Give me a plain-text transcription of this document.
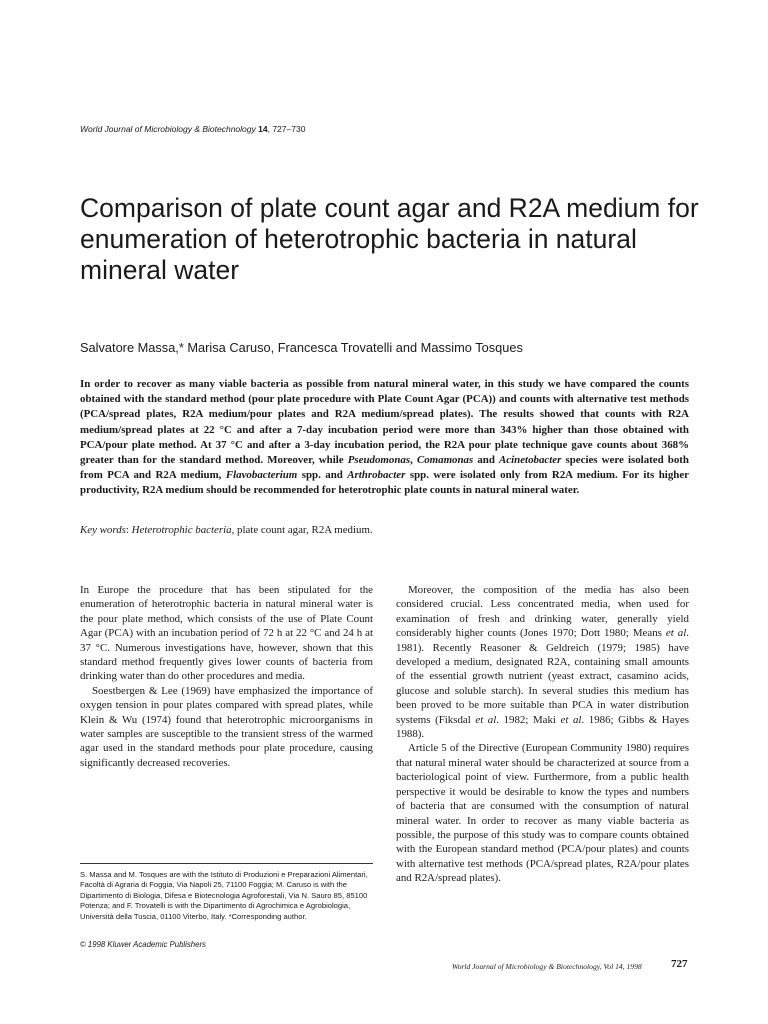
World Journal of Microbiology & Biotechnology 14, 727–730
Comparison of plate count agar and R2A medium for enumeration of heterotrophic bacteria in natural mineral water
Salvatore Massa,* Marisa Caruso, Francesca Trovatelli and Massimo Tosques

In order to recover as many viable bacteria as possible from natural mineral water, in this study we have compared the counts obtained with the standard method (pour plate procedure with Plate Count Agar (PCA)) and counts with alternative test methods (PCA/spread plates, R2A medium/pour plates and R2A medium/spread plates). The results showed that counts with R2A medium/spread plates at 22 °C and after a 7-day incubation period were more than 343% higher than those obtained with PCA/pour plate method. At 37 °C and after a 3-day incubation period, the R2A pour plate technique gave counts about 368% greater than for the standard method. Moreover, while Pseudomonas, Comamonas and Acinetobacter species were isolated both from PCA and R2A medium, Flavobacterium spp. and Arthrobacter spp. were isolated only from R2A medium. For its higher productivity, R2A medium should be recommended for heterotrophic plate counts in natural mineral water.

Key words: Heterotrophic bacteria, plate count agar, R2A medium.

In Europe the procedure that has been stipulated for the enumeration of heterotrophic bacteria in natural mineral water is the pour plate method, which consists of the use of Plate Count Agar (PCA) with an incubation period of 72 h at 22 °C and 24 h at 37 °C. Numerous investigations have, however, shown that this standard method frequently gives lower counts of bacteria from drinking water than do other procedures and media.

Soestbergen & Lee (1969) have emphasized the importance of oxygen tension in pour plates compared with spread plates, while Klein & Wu (1974) found that heterotrophic microorganisms in water samples are susceptible to the transient stress of the warmed agar used in the standard methods pour plate procedure, causing significantly decreased recoveries.

Moreover, the composition of the media has also been considered crucial. Less concentrated media, when used for examination of fresh and drinking water, generally yield considerably higher counts (Jones 1970; Dott 1980; Means et al. 1981). Recently Reasoner & Geldreich (1979; 1985) have developed a medium, designated R2A, containing small amounts of the essential growth nutrient (yeast extract, casamino acids, glucose and soluble starch). In several studies this medium has been proved to be more suitable than PCA in water distribution systems (Fiksdal et al. 1982; Maki et al. 1986; Gibbs & Hayes 1988).

Article 5 of the Directive (European Community 1980) requires that natural mineral water should be characterized at source from a bacteriological point of view. Furthermore, from a public health perspective it would be desirable to know the types and numbers of bacteria that are consumed with the consumption of natural mineral water. In order to recover as many viable bacteria as possible, the purpose of this study was to compare counts obtained with the European standard method (PCA/pour plates) and counts with alternative test methods (PCA/spread plates, R2A/pour plates and R2A/spread plates).

S. Massa and M. Tosques are with the Istituto di Produzioni e Preparazioni Alimentari, Facoltà di Agraria di Foggia, Via Napoli 25, 71100 Foggia; M. Caruso is with the Dipartimento di Biologia, Difesa e Biotecnologia Agroforestali, Via N. Sauro 85, 85100 Potenza; and F. Trovatelli is with the Dipartimento di Agrochimica e Agrobiologia, Università della Tuscia, 01100 Viterbo, Italy. *Corresponding author.

© 1998 Kluwer Academic Publishers
World Journal of Microbiology & Biotechnology, Vol 14, 1998	727
